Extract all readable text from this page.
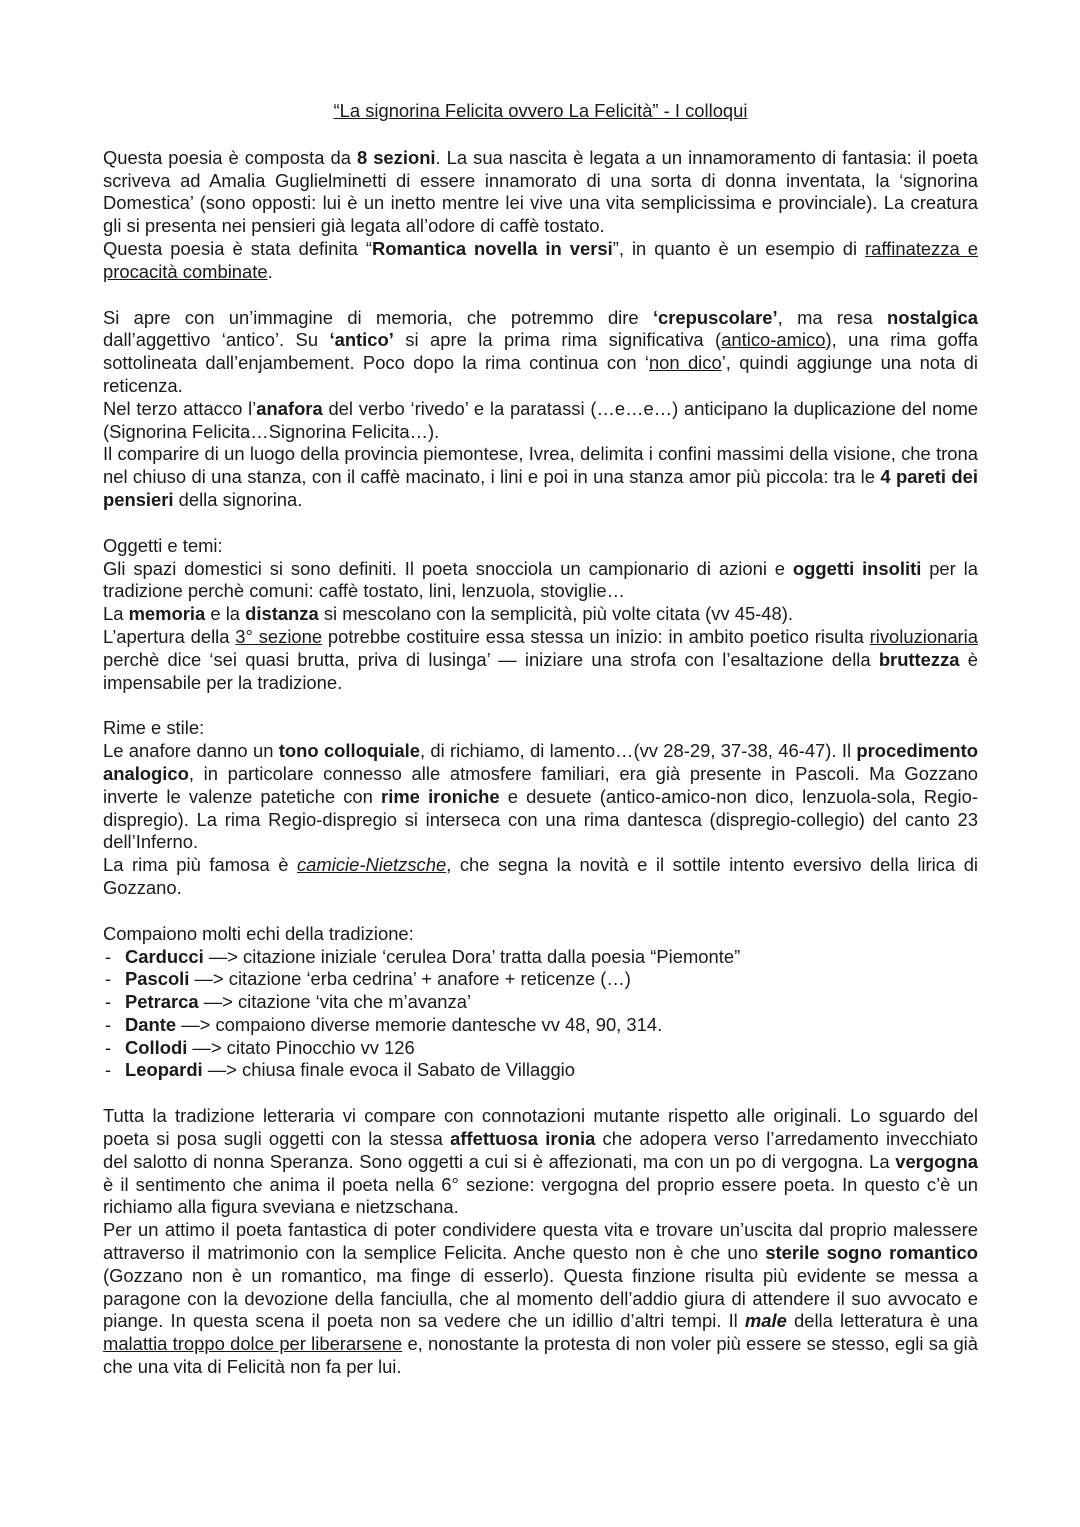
“La signorina Felicita ovvero La Felicità” - I colloqui

Questa poesia è composta da 8 sezioni. La sua nascita è legata a un innamoramento di fantasia: il poeta scriveva ad Amalia Guglielminetti di essere innamorato di una sorta di donna inventata, la ‘signorina Domestica’ (sono opposti: lui è un inetto mentre lei vive una vita semplicissima e provinciale). La creatura gli si presenta nei pensieri già legata all’odore di caffè tostato.

Questa poesia è stata definita “Romantica novella in versi”, in quanto è un esempio di raffinatezza e procacità combinate.

Si apre con un’immagine di memoria, che potremmo dire ‘crepuscolare’, ma resa nostalgica dall’aggettivo ‘antico’. Su ‘antico’ si apre la prima rima significativa (antico-amico), una rima goffa sottolineata dall’enjambement. Poco dopo la rima continua con ‘non dico’, quindi aggiunge una nota di reticenza.

Nel terzo attacco l’anafora del verbo ‘rivedo’ e la paratassi (…e…e…) anticipano la duplicazione del nome (Signorina Felicita…Signorina Felicita…).

Il comparire di un luogo della provincia piemontese, Ivrea, delimita i confini massimi della visione, che trona nel chiuso di una stanza, con il caffè macinato, i lini e poi in una stanza amor più piccola: tra le 4 pareti dei pensieri della signorina.

Oggetti e temi:

Gli spazi domestici si sono definiti. Il poeta snocciola un campionario di azioni e oggetti insoliti per la tradizione perchè comuni: caffè tostato, lini, lenzuola, stoviglie…

La memoria e la distanza si mescolano con la semplicità, più volte citata (vv 45-48).

L’apertura della 3° sezione potrebbe costituire essa stessa un inizio: in ambito poetico risulta rivoluzionaria perchè dice ‘sei quasi brutta, priva di lusinga’ — iniziare una strofa con l’esaltazione della bruttezza è impensabile per la tradizione.

Rime e stile:

Le anafore danno un tono colloquiale, di richiamo, di lamento…(vv 28-29, 37-38, 46-47). Il procedimento analogico, in particolare connesso alle atmosfere familiari, era già presente in Pascoli. Ma Gozzano inverte le valenze patetiche con rime ironiche e desuete (antico-amico-non dico, lenzuola-sola, Regio-dispregio). La rima Regio-dispregio si interseca con una rima dantesca (dispregio-collegio) del canto 23 dell’Inferno.

La rima più famosa è camicie-Nietzsche, che segna la novità e il sottile intento eversivo della lirica di Gozzano.

Compaiono molti echi della tradizione:

- Carducci —> citazione iniziale ‘cerulea Dora’ tratta dalla poesia “Piemonte”
- Pascoli —> citazione ‘erba cedrina’ + anafore + reticenze (…)
- Petrarca —> citazione ‘vita che m’avanza’
- Dante —> compaiono diverse memorie dantesche vv 48, 90, 314.
- Collodi —> citato Pinocchio vv 126
- Leopardi —> chiusa finale evoca il Sabato de Villaggio

Tutta la tradizione letteraria vi compare con connotazioni mutante rispetto alle originali. Lo sguardo del poeta si posa sugli oggetti con la stessa affettuosa ironia che adopera verso l’arredamento invecchiato del salotto di nonna Speranza. Sono oggetti a cui si è affezionati, ma con un po di vergogna. La vergogna è il sentimento che anima il poeta nella 6° sezione: vergogna del proprio essere poeta. In questo c’è un richiamo alla figura sveviana e nietzschana.

Per un attimo il poeta fantastica di poter condividere questa vita e trovare un’uscita dal proprio malessere attraverso il matrimonio con la semplice Felicita. Anche questo non è che uno sterile sogno romantico (Gozzano non è un romantico, ma finge di esserlo). Questa finzione risulta più evidente se messa a paragone con la devozione della fanciulla, che al momento dell’addio giura di attendere il suo avvocato e piange. In questa scena il poeta non sa vedere che un idillio d’altri tempi. Il male della letteratura è una malattia troppo dolce per liberarsene e, nonostante la protesta di non voler più essere se stesso, egli sa già che una vita di Felicità non fa per lui.
